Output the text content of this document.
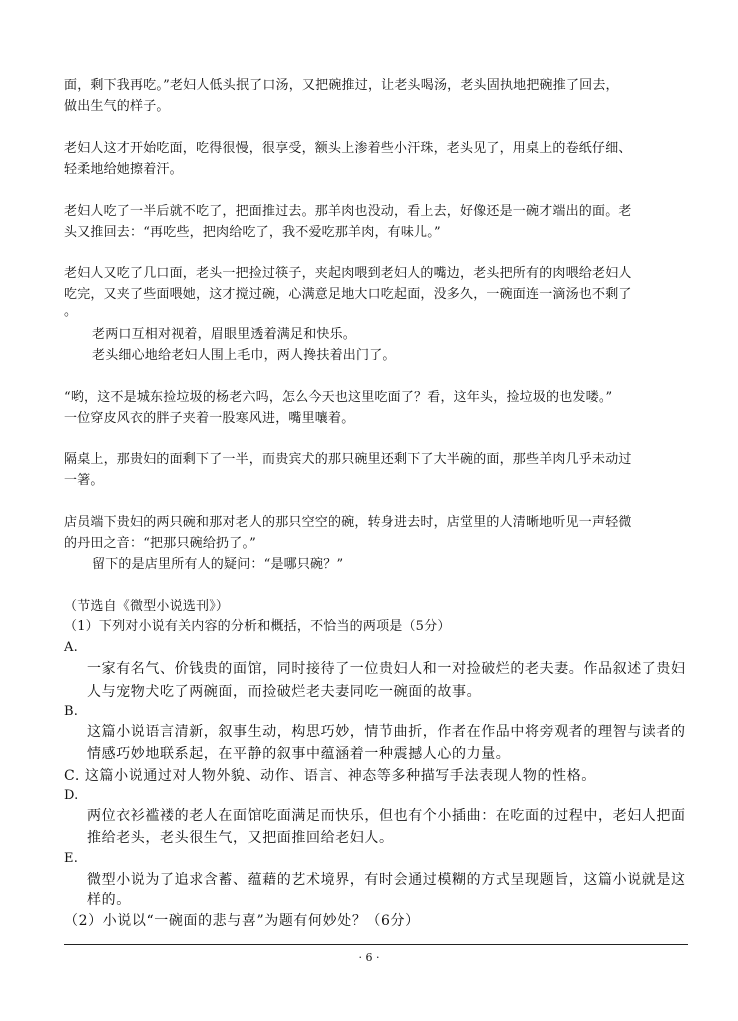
面，剩下我再吃。”老妇人低头抿了口汤，又把碗推过，让老头喝汤，老头固执地把碗推了回去，
做出生气的样子。
老妇人这才开始吃面，吃得很慢，很享受，额头上渗着些小汗珠，老头见了，用桌上的卷纸仔细、
轻柔地给她擦着汗。
老妇人吃了一半后就不吃了，把面推过去。那羊肉也没动，看上去，好像还是一碗才端出的面。老
头又推回去：“再吃些，把肉给吃了，我不爱吃那羊肉，有味儿。”
老妇人又吃了几口面，老头一把捡过筷子，夹起肉喂到老妇人的嘴边，老头把所有的肉喂给老妇人
吃完，又夹了些面喂她，这才搅过碗，心满意足地大口吃起面，没多久，一碗面连一滴汤也不剩了
。
老两口互相对视着，眉眼里透着满足和快乐。
老头细心地给老妇人围上毛巾，两人搀扶着出门了。
“哟，这不是城东捡垃圾的杨老六吗，怎么今天也这里吃面了？看，这年头，捡垃圾的也发喽。”
一位穿皮风衣的胖子夹着一股寒风进，嘴里嚷着。
隔桌上，那贵妇的面剩下了一半，而贵宾犬的那只碗里还剩下了大半碗的面，那些羊肉几乎未动过
一箸。
店员端下贵妇的两只碗和那对老人的那只空空的碗，转身进去时，店堂里的人清晰地听见一声轻微
的丹田之音：“把那只碗给扔了。”
留下的是店里所有人的疑问：“是哪只碗？”
（节选自《微型小说选刊》）
（1）下列对小说有关内容的分析和概括，不恰当的两项是（5分）
A.
一家有名气、价钱贵的面馆，同时接待了一位贵妇人和一对捡破烂的老夫妻。作品叙述了贵妇
人与宠物犬吃了两碗面，而捡破烂老夫妻同吃一碗面的故事。
B.
这篇小说语言清新，叙事生动，构思巧妙，情节曲折，作者在作品中将旁观者的理智与读者的
情感巧妙地联系起，在平静的叙事中蕴涵着一种震撼人心的力量。
C. 这篇小说通过对人物外貌、动作、语言、神态等多种描写手法表现人物的性格。
D.
两位衣衫褴褛的老人在面馆吃面满足而快乐，但也有个小插曲：在吃面的过程中，老妇人把面
推给老头，老头很生气，又把面推回给老妇人。
E.
微型小说为了追求含蓄、蕴藉的艺术境界，有时会通过模糊的方式呈现题旨，这篇小说就是这
样的。
（2）小说以“一碗面的悲与喜”为题有何妙处？（6分）
· 6 ·
